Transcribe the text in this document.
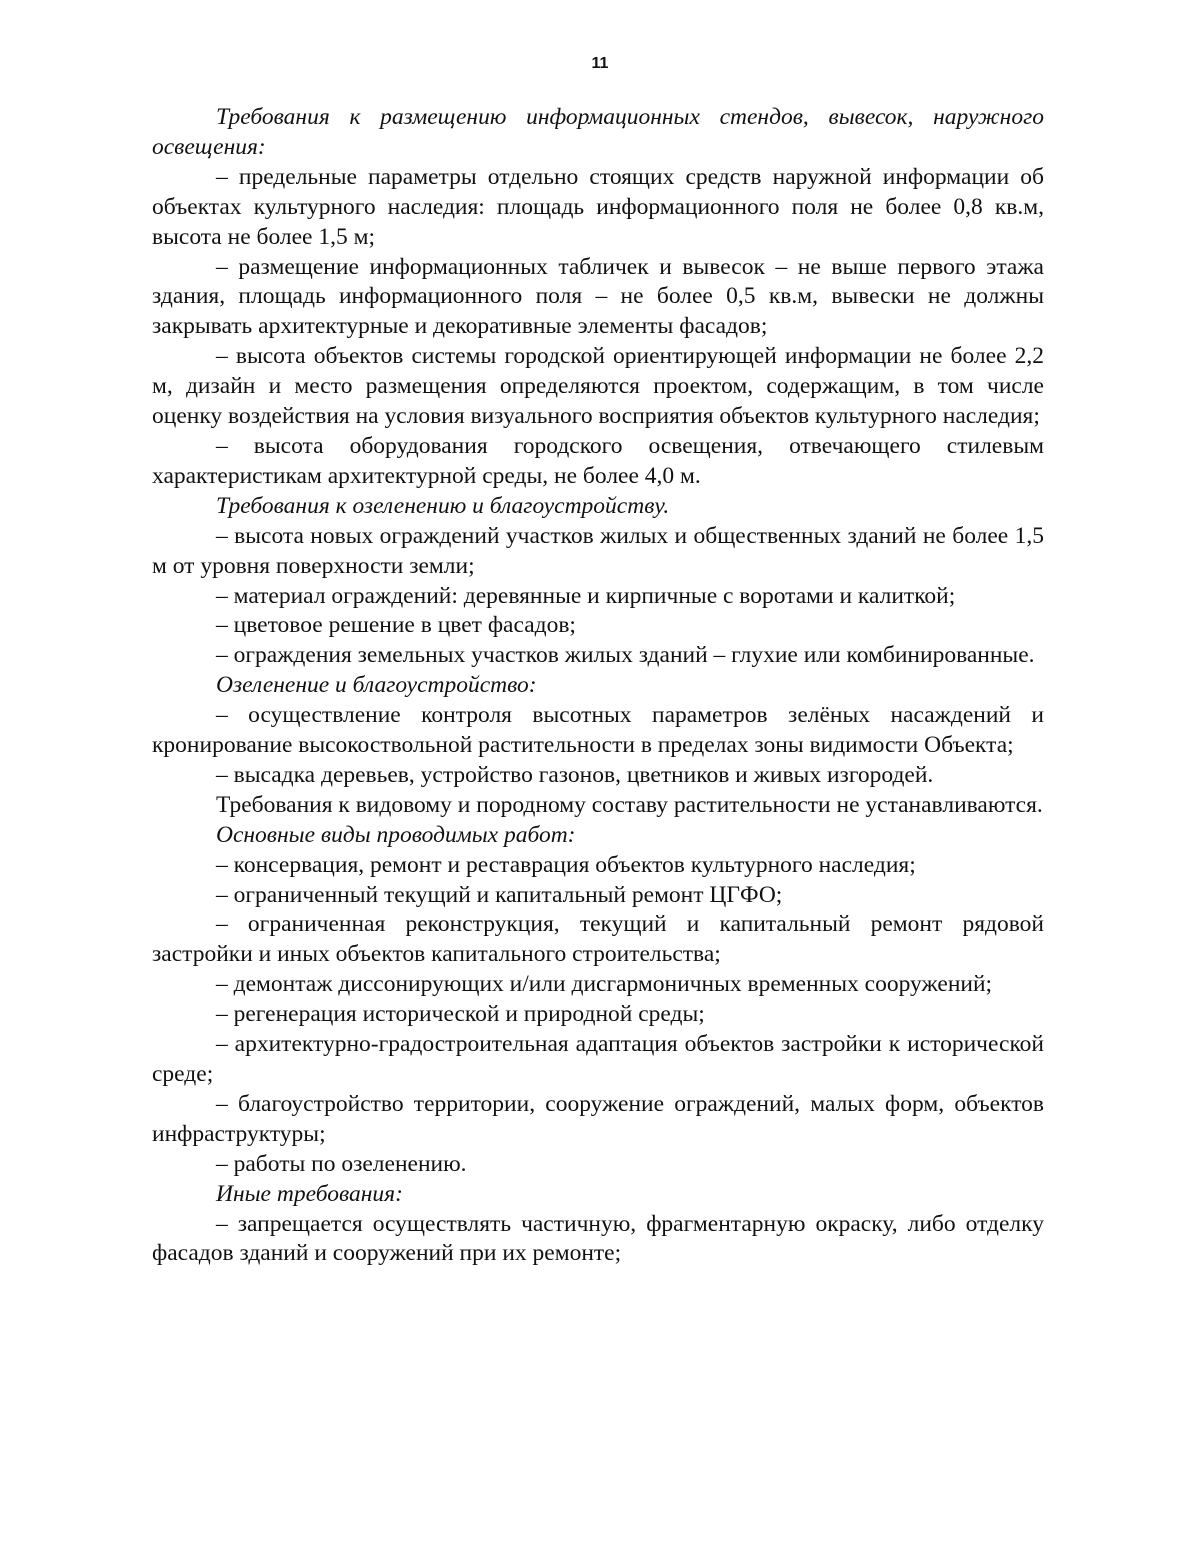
11

Требования к размещению информационных стендов, вывесок, наружного освещения:

– предельные параметры отдельно стоящих средств наружной информации об объектах культурного наследия: площадь информационного поля не более 0,8 кв.м, высота не более 1,5 м;

– размещение информационных табличек и вывесок – не выше первого этажа здания, площадь информационного поля – не более 0,5 кв.м, вывески не должны закрывать архитектурные и декоративные элементы фасадов;

– высота объектов системы городской ориентирующей информации не более 2,2 м, дизайн и место размещения определяются проектом, содержащим, в том числе оценку воздействия на условия визуального восприятия объектов культурного наследия;

– высота оборудования городского освещения, отвечающего стилевым характеристикам архитектурной среды, не более 4,0 м.

Требования к озеленению и благоустройству.

– высота новых ограждений участков жилых и общественных зданий не более 1,5 м от уровня поверхности земли;

– материал ограждений: деревянные и кирпичные с воротами и калиткой;

– цветовое решение в цвет фасадов;

– ограждения земельных участков жилых зданий – глухие или комбинированные.

Озеленение и благоустройство:

– осуществление контроля высотных параметров зелёных насаждений и кронирование высокоствольной растительности в пределах зоны видимости Объекта;

– высадка деревьев, устройство газонов, цветников и живых изгородей.

Требования к видовому и породному составу растительности не устанавливаются.

Основные виды проводимых работ:

– консервация, ремонт и реставрация объектов культурного наследия;

– ограниченный текущий и капитальный ремонт ЦГФО;

– ограниченная реконструкция, текущий и капитальный ремонт рядовой застройки и иных объектов капитального строительства;

– демонтаж диссонирующих и/или дисгармоничных временных сооружений;

– регенерация исторической и природной среды;

– архитектурно-градостроительная адаптация объектов застройки к исторической среде;

– благоустройство территории, сооружение ограждений, малых форм, объектов инфраструктуры;

– работы по озеленению.

Иные требования:

– запрещается осуществлять частичную, фрагментарную окраску, либо отделку фасадов зданий и сооружений при их ремонте;
